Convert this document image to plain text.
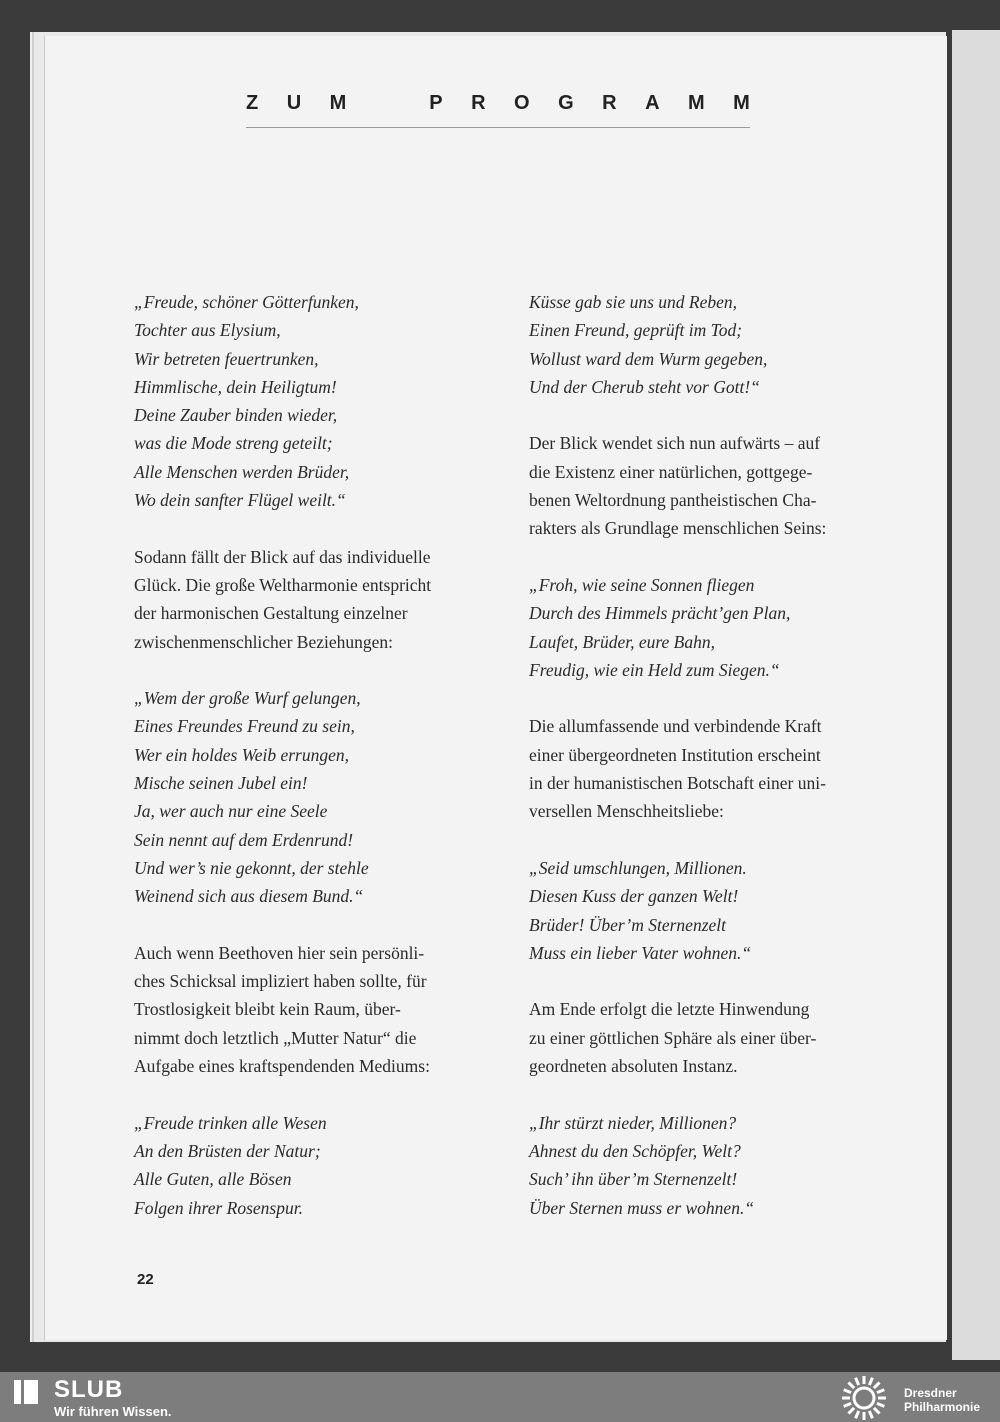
Z U M	P R O G R A M M

„Freude, schöner Götterfunken,
Tochter aus Elysium,
Wir betreten feuertrunken,
Himmlische, dein Heiligtum!
Deine Zauber binden wieder,
was die Mode streng geteilt;
Alle Menschen werden Brüder,
Wo dein sanfter Flügel weilt.“

Sodann fällt der Blick auf das individuelle
Glück. Die große Weltharmonie entspricht
der harmonischen Gestaltung einzelner
zwischenmenschlicher Beziehungen:

„Wem der große Wurf gelungen,
Eines Freundes Freund zu sein,
Wer ein holdes Weib errungen,
Mische seinen Jubel ein!
Ja, wer auch nur eine Seele
Sein nennt auf dem Erdenrund!
Und wer’s nie gekonnt, der stehle
Weinend sich aus diesem Bund.“

Auch wenn Beethoven hier sein persönli-
ches Schicksal impliziert haben sollte, für
Trostlosigkeit bleibt kein Raum, über-
nimmt doch letztlich „Mutter Natur“ die
Aufgabe eines kraftspendenden Mediums:

„Freude trinken alle Wesen
An den Brüsten der Natur;
Alle Guten, alle Bösen
Folgen ihrer Rosenspur.

Küsse gab sie uns und Reben,
Einen Freund, geprüft im Tod;
Wollust ward dem Wurm gegeben,
Und der Cherub steht vor Gott!“

Der Blick wendet sich nun aufwärts – auf
die Existenz einer natürlichen, gottgege-
benen Weltordnung pantheistischen Cha-
rakters als Grundlage menschlichen Seins:

„Froh, wie seine Sonnen fliegen
Durch des Himmels prächt’gen Plan,
Laufet, Brüder, eure Bahn,
Freudig, wie ein Held zum Siegen.“

Die allumfassende und verbindende Kraft
einer übergeordneten Institution erscheint
in der humanistischen Botschaft einer uni-
versellen Menschheitsliebe:

„Seid umschlungen, Millionen.
Diesen Kuss der ganzen Welt!
Brüder! Über’m Sternenzelt
Muss ein lieber Vater wohnen.“

Am Ende erfolgt die letzte Hinwendung
zu einer göttlichen Sphäre als einer über-
geordneten absoluten Instanz.

„Ihr stürzt nieder, Millionen?
Ahnest du den Schöpfer, Welt?
Such’ ihn über’m Sternenzelt!
Über Sternen muss er wohnen.“

22
SLUB
Wir führen Wissen.
Dresdner
Philharmonie
